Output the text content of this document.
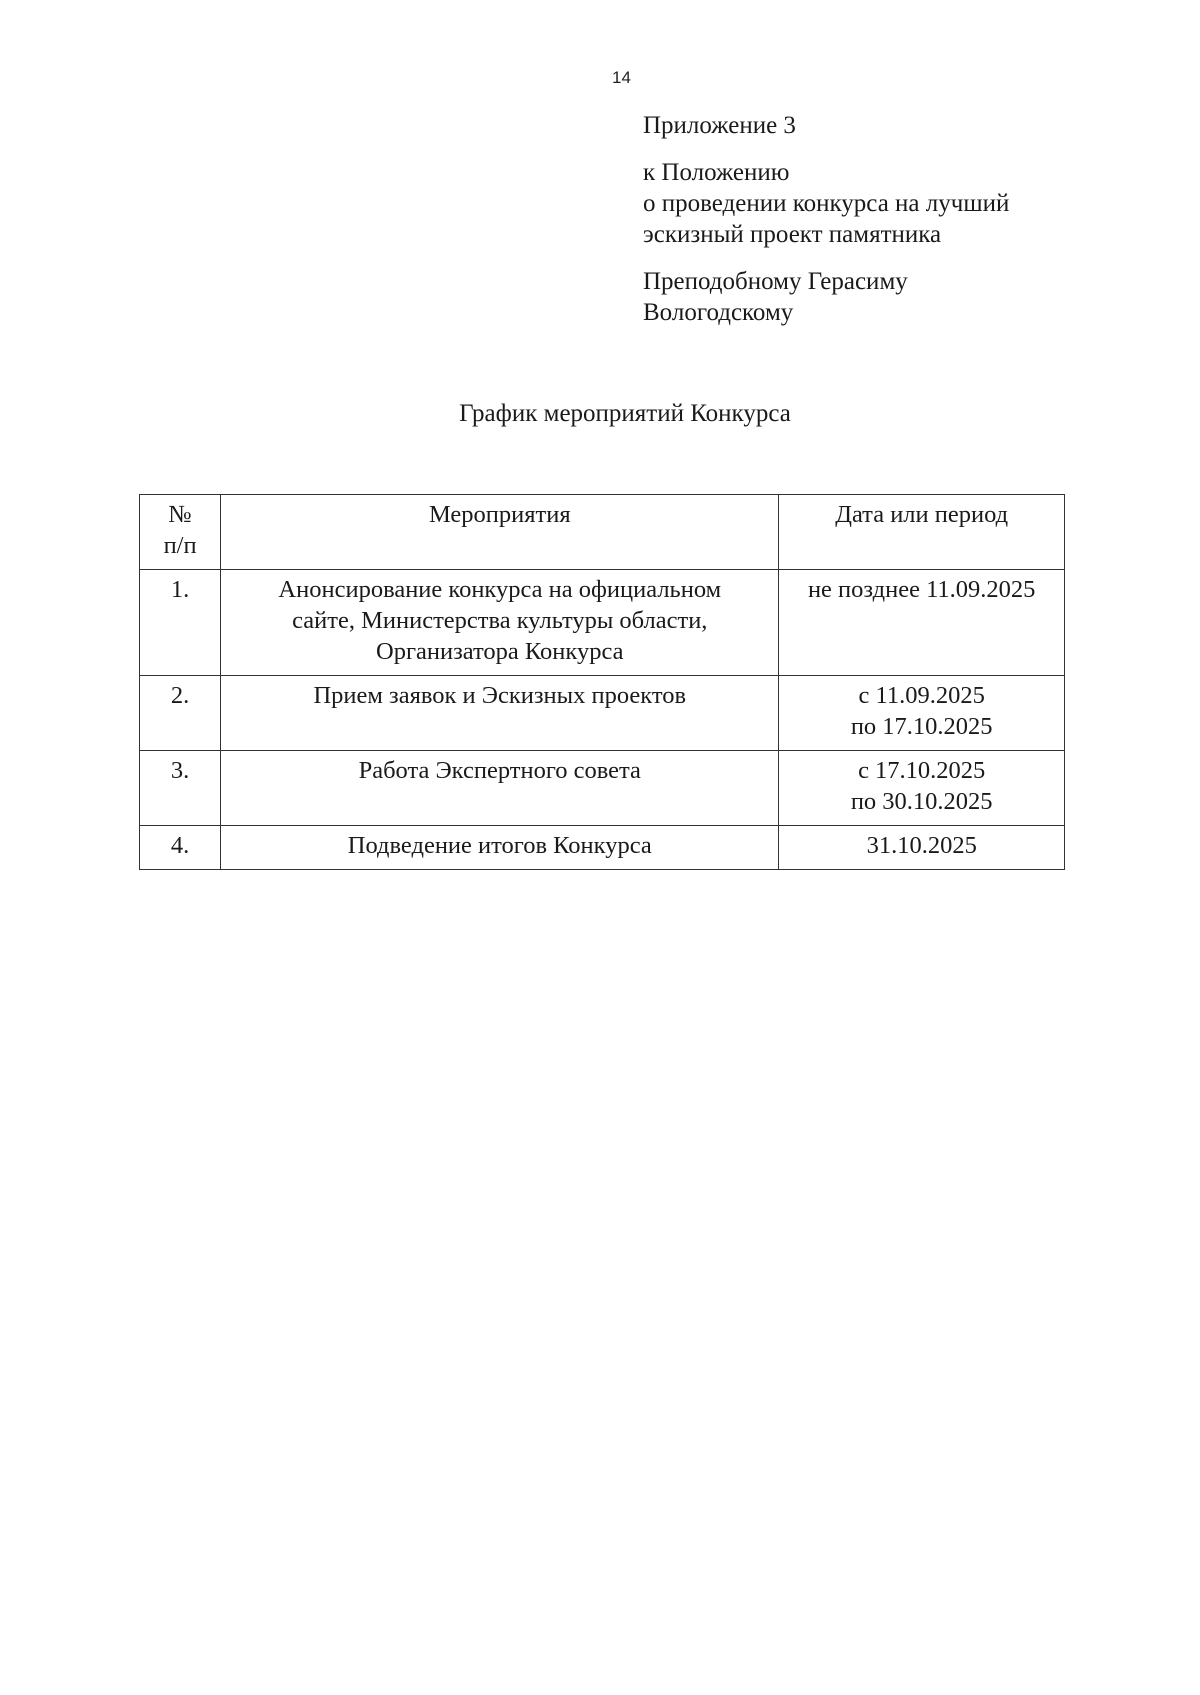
14

Приложение 3

к Положению

о проведении конкурса на лучший

эскизный проект памятника

Преподобному Герасиму

Вологодскому

График мероприятий Конкурса
№
п/п	Мероприятия	Дата или период
1.	Анонсирование конкурса на официальном
сайте, Министерства культуры области,
Организатора Конкурса	не позднее 11.09.2025
2.	Прием заявок и Эскизных проектов	с 11.09.2025
по 17.10.2025
3.	Работа Экспертного совета	с 17.10.2025
по 30.10.2025
4.	Подведение итогов Конкурса	31.10.2025
